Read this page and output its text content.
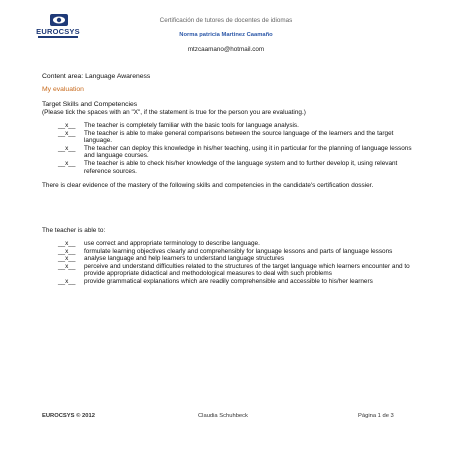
EUROCSYS
Certificación de tutores de docentes de idiomas
Norma patricia Martinez Caamaño
mtzcaamano@hotmail.com
Content area: Language Awareness
My evaluation
Target Skills and Competencies
(Please tick the spaces with an "X", if the statement is true for the person you are evaluating.)
__x__	The teacher is completely familiar with the basic tools for language analysis.
__x__	The teacher is able to make general comparisons between the source language of the learners and the target language.
__x__	The teacher can deploy this knowledge in his/her teaching, using it in particular for the planning of language lessons and language courses.
__x__	The teacher is able to check his/her knowledge of the language system and to further develop it, using relevant reference sources.
There is clear evidence of the mastery of the following skills and competencies in the candidate's certification dossier.
The teacher is able to:
__x__	use correct and appropriate terminology to describe language.
__x__	formulate learning objectives clearly and comprehensibly for language lessons and parts of language lessons
__x__	analyse language and help learners to understand language structures
__x__	perceive and understand difficulties related to the structures of the target language which learners encounter and to provide appropriate didactical and methodological measures to deal with such problems
__x__	provide grammatical explanations which are readily comprehensible and accessible to his/her learners
EUROCSYS © 2012	Claudia Schuhbeck	Página 1 de 3
